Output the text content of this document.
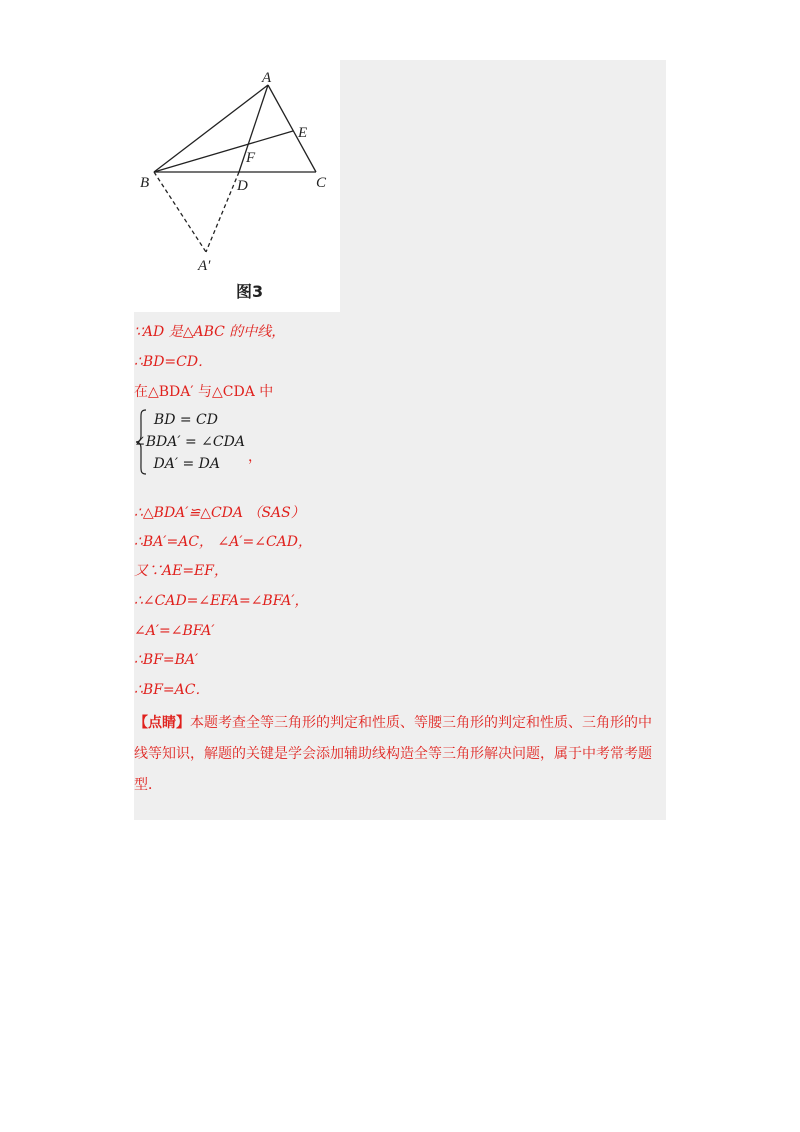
A
E
F
B	D	C
A′
图3
∵AD 是△ABC 的中线，
∴BD=CD．
在△BDA′ 与△CDA 中
BD = CD
∠BDA′ = ∠CDA
DA′ = DA ，
∴△BDA′≌△CDA （SAS）
∴BA′=AC， ∠A′=∠CAD，
又∵AE=EF，
∴∠CAD=∠EFA=∠BFA′，
∠A′=∠BFA′
∴BF=BA′
∴BF=AC．
【点睛】本题考查全等三角形的判定和性质、等腰三角形的判定和性质、三角形的中线等知识，解题的关键是学会添加辅助线构造全等三角形解决问题，属于中考常考题型．
